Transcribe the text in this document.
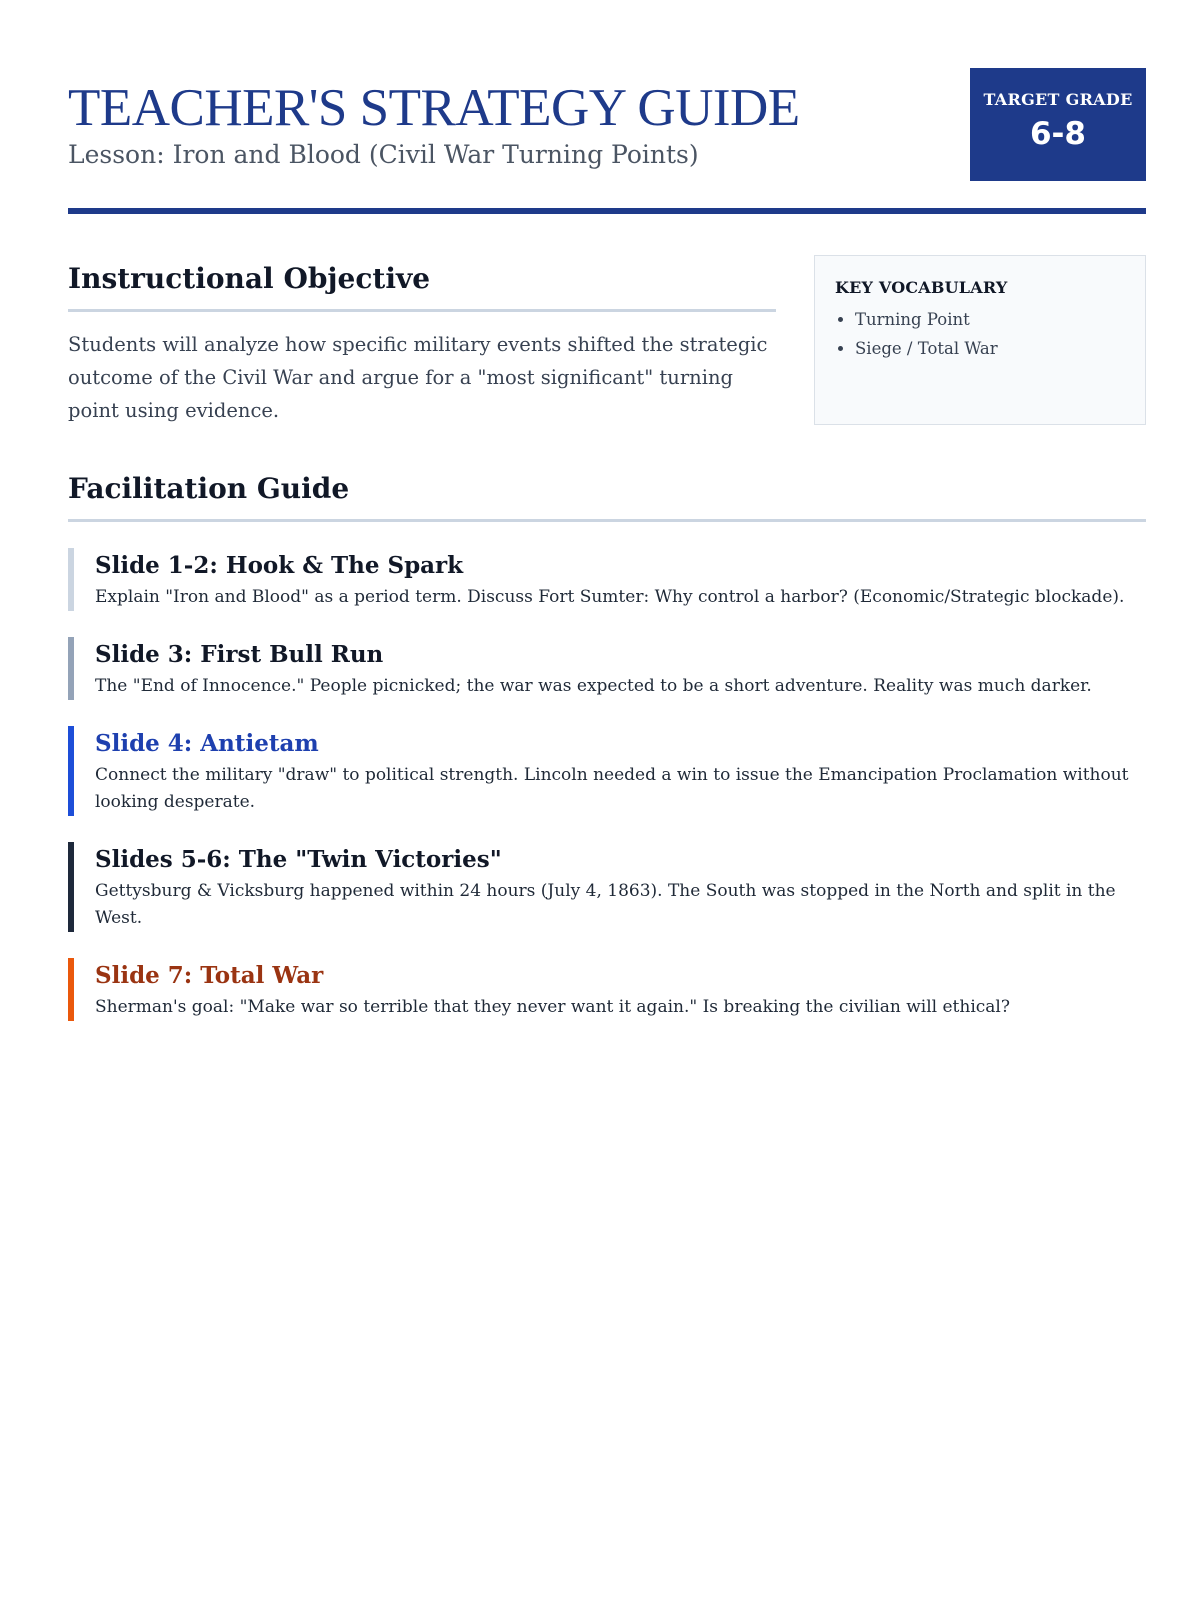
TEACHER'S STRATEGY GUIDE

Lesson: Iron and Blood (Civil War Turning Points)

TARGET GRADE
6-8
Instructional Objective

Students will analyze how specific military events shifted the strategic outcome of the Civil War and argue for a "most significant" turning point using evidence.

KEY VOCABULARY
• Turning Point
• Siege / Total War
Facilitation Guide
Slide 1-2: Hook & The Spark

Explain "Iron and Blood" as a period term. Discuss Fort Sumter: Why control a harbor? (Economic/Strategic blockade).

Slide 3: First Bull Run

The "End of Innocence." People picnicked; the war was expected to be a short adventure. Reality was much darker.

Slide 4: Antietam

Connect the military "draw" to political strength. Lincoln needed a win to issue the Emancipation Proclamation without looking desperate.

Slides 5-6: The "Twin Victories"

Gettysburg & Vicksburg happened within 24 hours (July 4, 1863). The South was stopped in the North and split in the West.

Slide 7: Total War

Sherman's goal: "Make war so terrible that they never want it again." Is breaking the civilian will ethical?
